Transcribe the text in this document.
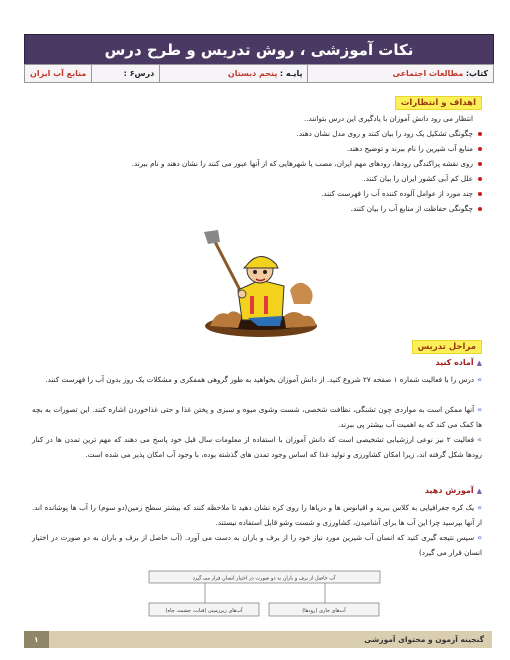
نکات آموزشی ، روش تدریس و طرح درس
کتاب: مطالعات اجتماعی
پایـه : پنجم دبستان
درس۶ :
منابع آب ایران
اهداف و انتظارات
انتظار می رود دانش آموزان با یادگیری این درس بتوانند..
چگونگی تشکیل یک رود را بیان کنند و روی مدل نشان دهند.
منابع آب شیرین را نام ببرند و توضیح دهند.
روی نقشه پراکندگی رودها، رودهای مهم ایران، مصب یا شهرهایی که از آنها عبور می کنند را نشان دهند و نام ببرند.
علل کم آبی کشور ایران را بیان کنند.
چند مورد از عوامل آلوده کننده آب را فهرست کنند.
چگونگی حفاظت از منابع آب را بیان کنند.
مراحل تدریس
▲
آماده کنید
»درس را با فعالیت شماره ۱ صفحه ۲۷ شروع کنید. از دانش آموزان بخواهید به طور گروهی همفکری و مشکلات یک روز بدون آب را فهرست کنند.
»آنها ممکن است به مواردی چون تشنگی، نظافت شخصی، شست وشوی میوه و سبزی و پختن غذا و حتی غذاخوردن اشاره کنند. این تصورات به بچه ها کمک می کند که به اهمیت آب بیشتر پی ببرند.
»فعالیت ۲ نیز نوعی ارزشیابی تشخیصی است که دانش آموزان با استفاده از معلومات سال قبل خود پاسخ می دهند که مهم ترین تمدن ها در کنار رودها شکل گرفته اند، زیرا امکان کشاورزی و تولید غذا که اساس وجود تمدن های گذشته بوده، با وجود آب امکان پذیر می شده است.
▲
آموزش دهید
»یک کره جغرافیایی به کلاس ببرید و اقیانوس ها و دریاها را روی کره نشان دهید تا ملاحظه کنند که بیشتر سطح زمین(دو سوم) را آب ها پوشانده اند. از آنها بپرسید چرا این آب ها برای آشامیدن، کشاورزی و شست وشو قابل استفاده نیستند.
»سپس نتیجه گیری کنید که انسان آب شیرین مورد نیاز خود را از برف و باران به دست می آورد. (آب حاصل از برف و باران به دو صورت در اختیار انسان قرار می گیرد)
آب حاصل از برف و باران به دو صورت در اختیار انسان قرار می گیرد
آب‌های زیرزمینی (قنات، چشمه، چاه)	آب‌های جاری (رودها)
گنجینه آزمون و محتوای آموزشی
۱
